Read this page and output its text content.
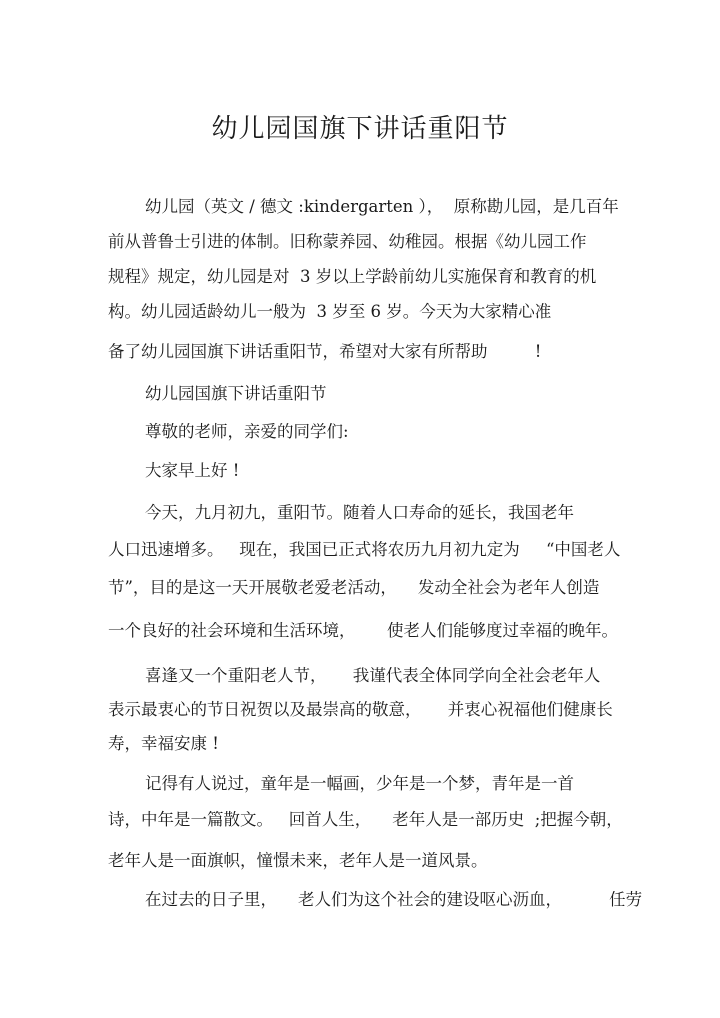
幼儿园国旗下讲话重阳节
幼儿园（英文 / 德文 :kindergarten ），  原称勘儿园，是几百年
前从普鲁士引进的体制。旧称蒙养园、幼稚园。根据《幼儿园工作
规程》规定，幼儿园是对  3 岁以上学龄前幼儿实施保育和教育的机
构。幼儿园适龄幼儿一般为  3 岁至 6 岁。今天为大家精心准
备了幼儿园国旗下讲话重阳节，希望对大家有所帮助         !
幼儿园国旗下讲话重阳节
尊敬的老师，亲爱的同学们:
大家早上好 !
今天，九月初九，重阳节。随着人口寿命的延长，我国老年
人口迅速增多。   现在，我国已正式将农历九月初九定为     “中国老人
节”，目的是这一天开展敬老爱老活动，    发动全社会为老年人创造
一个良好的社会环境和生活环境，      使老人们能够度过幸福的晚年。
喜逢又一个重阳老人节，     我谨代表全体同学向全社会老年人
表示最衷心的节日祝贺以及最崇高的敬意，     并衷心祝福他们健康长
寿，幸福安康 !
记得有人说过，童年是一幅画，少年是一个梦，青年是一首
诗，中年是一篇散文。   回首人生，    老年人是一部历史  ;把握今朝，
老年人是一面旗帜，憧憬未来，老年人是一道风景。
在过去的日子里，    老人们为这个社会的建设呕心沥血，         任劳
